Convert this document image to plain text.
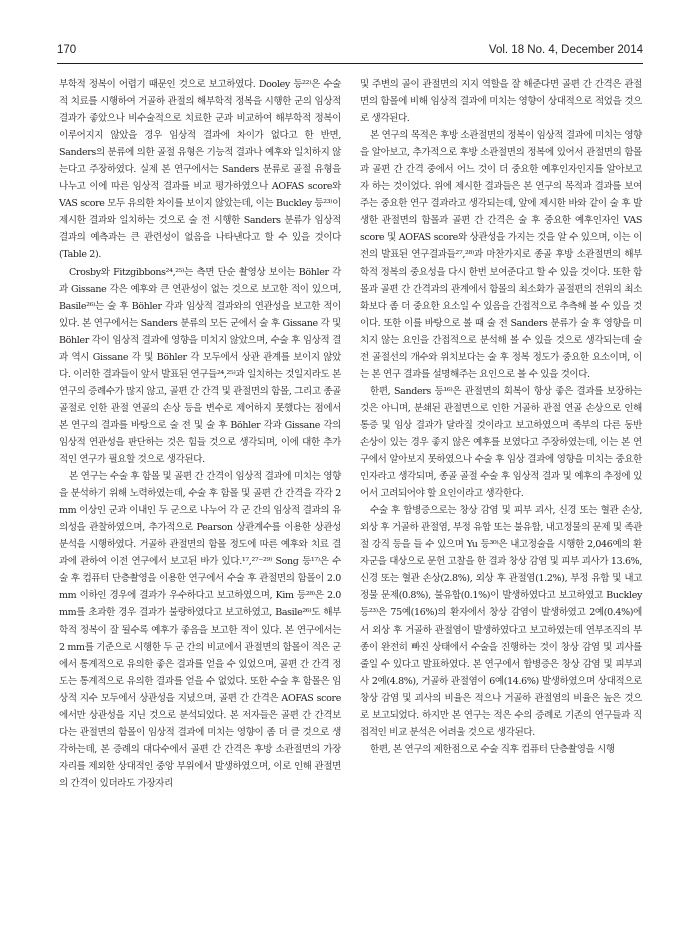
170	Vol. 18 No. 4, December 2014

부학적 정복이 어렵기 때문인 것으로 보고하였다. Dooley 등²²⁾은 수술적 치료를 시행하여 거골하 관절의 해부학적 정복을 시행한 군의 임상적 결과가 좋았으나 비수술적으로 치료한 군과 비교하여 해부학적 정복이 이루어지지 않았을 경우 임상적 결과에 차이가 없다고 한 반면, Sanders의 분류에 의한 골절 유형은 기능적 결과나 예후와 일치하지 않는다고 주장하였다. 실제 본 연구에서는 Sanders 분류로 골절 유형을 나누고 이에 따른 임상적 결과를 비교 평가하였으나 AOFAS score와 VAS score 모두 유의한 차이를 보이지 않았는데, 이는 Buckley 등²³⁾이 제시한 결과와 일치하는 것으로 술 전 시행한 Sanders 분류가 임상적 결과의 예측과는 큰 관련성이 없음을 나타낸다고 할 수 있을 것이다(Table 2).

Crosby와 Fitzgibbons²⁴,²⁵⁾는 측면 단순 촬영상 보이는 Böhler 각과 Gissane 각은 예후와 큰 연관성이 없는 것으로 보고한 적이 있으며, Basile²⁶⁾는 술 후 Böhler 각과 임상적 결과와의 연관성을 보고한 적이 있다. 본 연구에서는 Sanders 분류의 모든 군에서 술 후 Gissane 각 및 Böhler 각이 임상적 결과에 영향을 미치지 않았으며, 수술 후 임상적 결과 역시 Gissane 각 및 Böhler 각 모두에서 상관 관계를 보이지 않았다. 이러한 결과들이 앞서 발표된 연구들²⁴,²⁵⁾과 일치하는 것일지라도 본 연구의 증례수가 많지 않고, 골편 간 간격 및 관절면의 함몰, 그리고 종골 골절로 인한 관절 연골의 손상 등을 변수로 제어하지 못했다는 점에서 본 연구의 결과를 바탕으로 술 전 및 술 후 Böhler 각과 Gissane 각의 임상적 연관성을 판단하는 것은 힘들 것으로 생각되며, 이에 대한 추가적인 연구가 필요할 것으로 생각된다.

본 연구는 수술 후 함몰 및 골편 간 간격이 임상적 결과에 미치는 영향을 분석하기 위해 노력하였는데, 수술 후 함몰 및 골편 간 간격을 각각 2 mm 이상인 군과 이내인 두 군으로 나누어 각 군 간의 임상적 결과의 유의성을 관찰하였으며, 추가적으로 Pearson 상관계수를 이용한 상관성 분석을 시행하였다. 거골하 관절면의 함몰 정도에 따른 예후와 치료 결과에 관하여 이전 연구에서 보고된 바가 있다.¹⁷,²⁷⁻²⁹⁾ Song 등¹⁷⁾은 수술 후 컴퓨터 단층촬영을 이용한 연구에서 수술 후 관절면의 함몰이 2.0 mm 이하인 경우에 결과가 우수하다고 보고하였으며, Kim 등²⁸⁾은 2.0 mm를 초과한 경우 결과가 불량하였다고 보고하였고, Basile²⁶⁾도 해부학적 정복이 잘 될수록 예후가 좋음을 보고한 적이 있다. 본 연구에서는 2 mm를 기준으로 시행한 두 군 간의 비교에서 관절면의 함몰이 적은 군에서 통계적으로 유의한 좋은 결과를 얻을 수 있었으며, 골편 간 간격 정도는 통계적으로 유의한 결과를 얻을 수 없었다. 또한 수술 후 함몰은 임상적 지수 모두에서 상관성을 지녔으며, 골편 간 간격은 AOFAS score에서만 상관성을 지닌 것으로 분석되었다. 본 저자들은 골편 간 간격보다는 관절면의 함몰이 임상적 결과에 미치는 영향이 좀 더 클 것으로 생각하는데, 본 증례의 대다수에서 골편 간 간격은 후방 소관절면의 가장자리를 제외한 상대적인 중앙 부위에서 발생하였으며, 이로 인해 관절면의 간격이 있더라도 가장자리

및 주변의 골이 관절면의 지지 역할을 잘 해준다면 골편 간 간격은 관절면의 함몰에 비해 임상적 결과에 미치는 영향이 상대적으로 적었을 것으로 생각된다.

본 연구의 목적은 후방 소관절면의 정복이 임상적 결과에 미치는 영향을 알아보고, 추가적으로 후방 소관절면의 정복에 있어서 관절면의 함몰과 골편 간 간격 중에서 어느 것이 더 중요한 예후인자인지를 알아보고자 하는 것이었다. 위에 제시한 결과들은 본 연구의 목적과 결과를 보여주는 중요한 연구 결과라고 생각되는데, 앞에 제시한 바와 같이 술 후 발생한 관절면의 함몰과 골편 간 간격은 술 후 중요한 예후인자인 VAS score 및 AOFAS score와 상관성을 가지는 것을 알 수 있으며, 이는 이전의 발표된 연구결과들²⁷,²⁸⁾과 마찬가지로 종골 후방 소관절면의 해부학적 정복의 중요성을 다시 한번 보여준다고 할 수 있을 것이다. 또한 함몰과 골편 간 간격과의 관계에서 함몰의 최소화가 골절편의 전위의 최소화보다 좀 더 중요한 요소일 수 있음을 간접적으로 추측해 볼 수 있을 것이다. 또한 이를 바탕으로 볼 때 술 전 Sanders 분류가 술 후 영향을 미치지 않는 요인을 간접적으로 분석해 볼 수 있을 것으로 생각되는데 술 전 골절선의 개수와 위치보다는 술 후 정복 정도가 중요한 요소이며, 이는 본 연구 결과를 설명해주는 요인으로 볼 수 있을 것이다.

한편, Sanders 등¹⁶⁾은 관절면의 회복이 항상 좋은 결과를 보장하는 것은 아니며, 분쇄된 관절면으로 인한 거골하 관절 연골 손상으로 인해 통증 및 임상 결과가 달라질 것이라고 보고하였으며 족부의 다른 동반 손상이 있는 경우 좋지 않은 예후를 보였다고 주장하였는데, 이는 본 연구에서 알아보지 못하였으나 수술 후 임상 결과에 영향을 미치는 중요한 인자라고 생각되며, 종골 골절 수술 후 임상적 결과 및 예후의 추정에 있어서 고려되어야 할 요인이라고 생각한다.

수술 후 합병증으로는 창상 감염 및 피부 괴사, 신경 또는 혈관 손상, 외상 후 거골하 관절염, 부정 유합 또는 불유합, 내고정물의 문제 및 족관절 강직 등을 들 수 있으며 Yu 등³⁰⁾은 내고정술을 시행한 2,046예의 환자군을 대상으로 문헌 고찰을 한 결과 창상 감염 및 피부 괴사가 13.6%, 신경 또는 혈관 손상(2.8%), 외상 후 관절염(1.2%), 부정 유합 및 내고정물 문제(0.8%), 불유합(0.1%)이 발생하였다고 보고하였고 Buckley 등²³⁾은 75예(16%)의 환자에서 창상 감염이 발생하였고 2예(0.4%)에서 외상 후 거골하 관절염이 발생하였다고 보고하였는데 연부조직의 부종이 완전히 빠진 상태에서 수술을 진행하는 것이 창상 감염 및 괴사를 줄일 수 있다고 발표하였다. 본 연구에서 합병증은 창상 감염 및 피부괴사 2예(4.8%), 거골하 관절염이 6예(14.6%) 발생하였으며 상대적으로 창상 감염 및 괴사의 비율은 적으나 거골하 관절염의 비율은 높은 것으로 보고되었다. 하지만 본 연구는 적은 수의 증례로 기존의 연구들과 직접적인 비교 분석은 어려울 것으로 생각된다.

한편, 본 연구의 제한점으로 수술 직후 컴퓨터 단층촬영을 시행
